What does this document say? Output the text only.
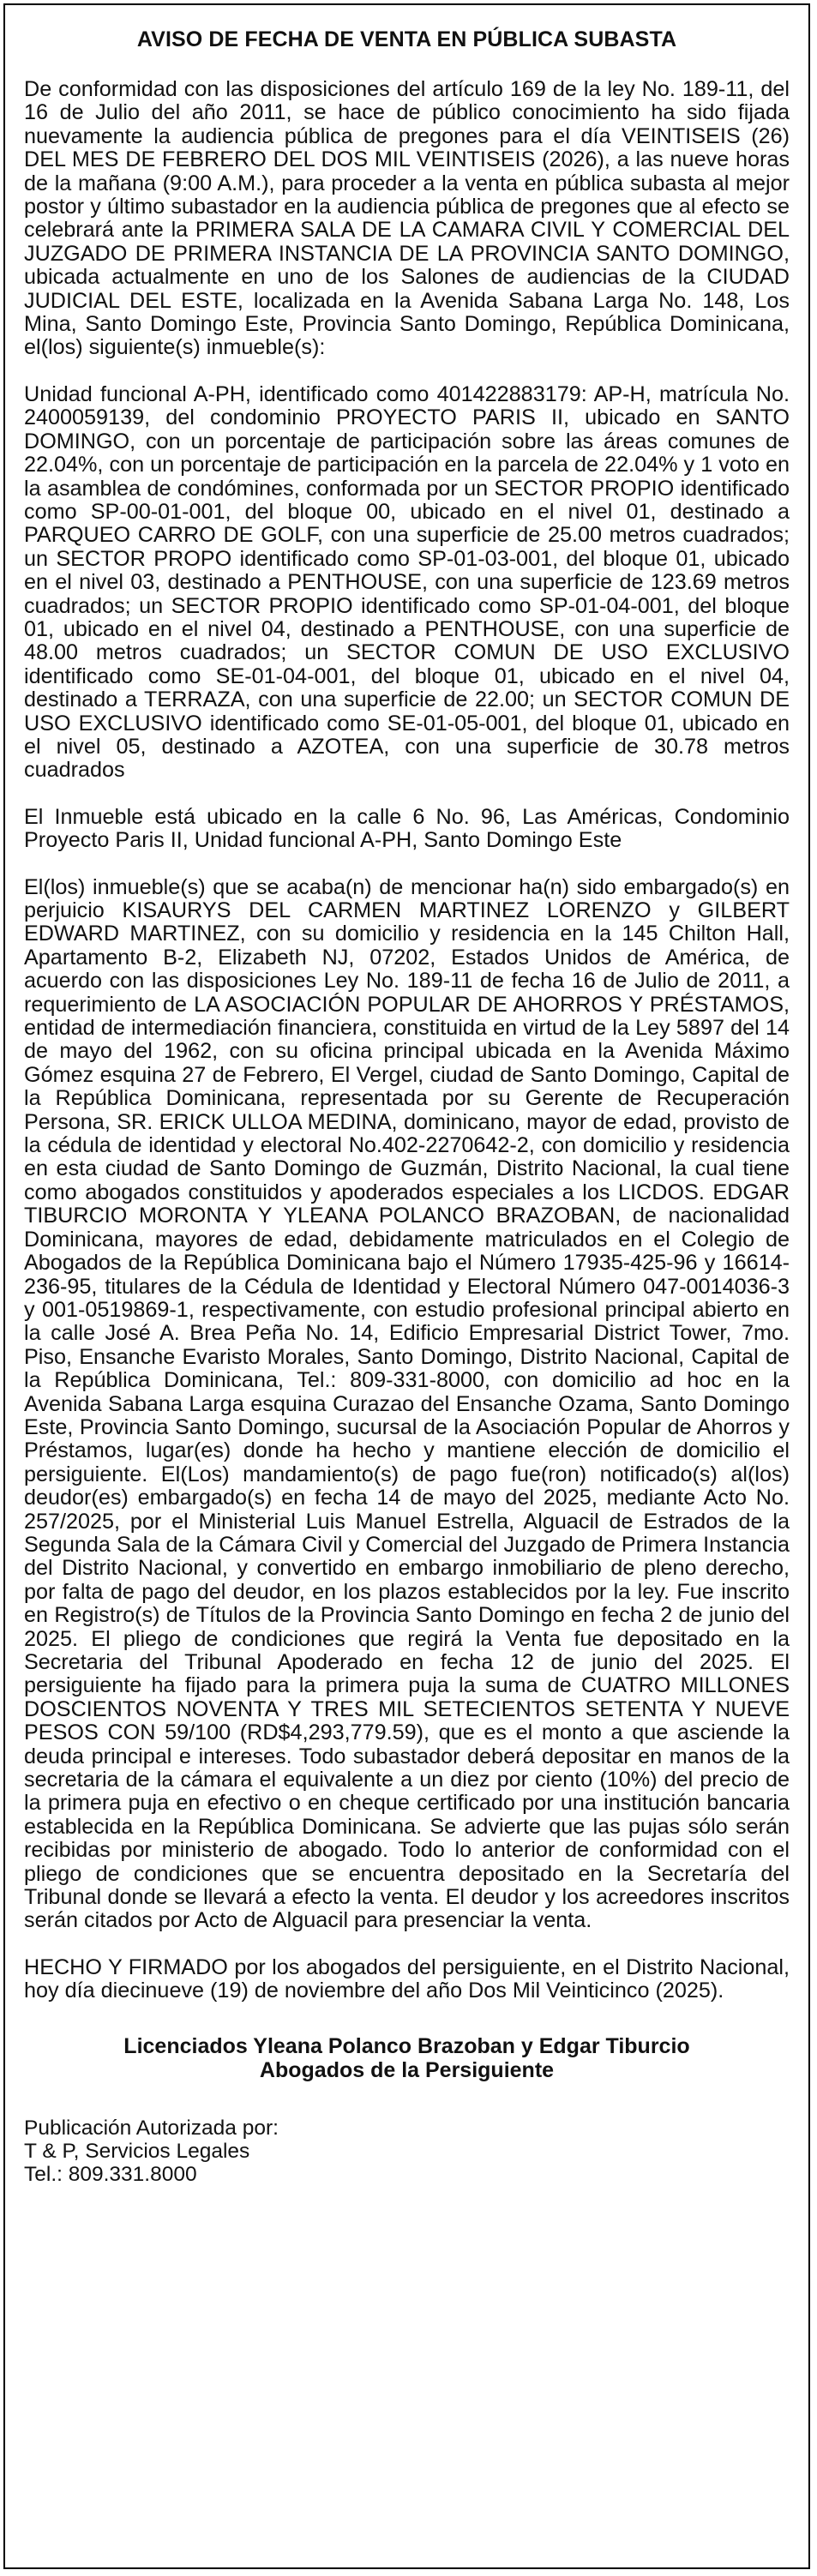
AVISO DE FECHA DE VENTA EN PÚBLICA SUBASTA

De conformidad con las disposiciones del artículo 169 de la ley No. 189-11, del 16 de Julio del año 2011, se hace de público conocimiento ha sido fijada nuevamente la audiencia pública de pregones para el día VEINTISEIS (26) DEL MES DE FEBRERO DEL DOS MIL VEINTISEIS (2026), a las nueve horas de la mañana (9:00 A.M.), para proceder a la venta en pública subasta al mejor postor y último subastador en la audiencia pública de pregones que al efecto se celebrará ante la PRIMERA SALA DE LA CAMARA CIVIL Y COMERCIAL DEL JUZGADO DE PRIMERA INSTANCIA DE LA PROVINCIA SANTO DOMINGO, ubicada actualmente en uno de los Salones de audiencias de la CIUDAD JUDICIAL DEL ESTE, localizada en la Avenida Sabana Larga No. 148, Los Mina, Santo Domingo Este, Provincia Santo Domingo, República Dominicana, el(los) siguiente(s) inmueble(s):

Unidad funcional A-PH, identificado como 401422883179: AP-H, matrícula No. 2400059139, del condominio PROYECTO PARIS II, ubicado en SANTO DOMINGO, con un porcentaje de participación sobre las áreas comunes de 22.04%, con un porcentaje de participación en la parcela de 22.04% y 1 voto en la asamblea de condómines, conformada por un SECTOR PROPIO identificado como SP-00-01-001, del bloque 00, ubicado en el nivel 01, destinado a PARQUEO CARRO DE GOLF, con una superficie de 25.00 metros cuadrados; un SECTOR PROPO identificado como SP-01-03-001, del bloque 01, ubicado en el nivel 03, destinado a PENTHOUSE, con una superficie de 123.69 metros cuadrados; un SECTOR PROPIO identificado como SP-01-04-001, del bloque 01, ubicado en el nivel 04, destinado a PENTHOUSE, con una superficie de 48.00 metros cuadrados; un SECTOR COMUN DE USO EXCLUSIVO identificado como SE-01-04-001, del bloque 01, ubicado en el nivel 04, destinado a TERRAZA, con una superficie de 22.00; un SECTOR COMUN DE USO EXCLUSIVO identificado como SE-01-05-001, del bloque 01, ubicado en el nivel 05, destinado a AZOTEA, con una superficie de 30.78 metros cuadrados

El Inmueble está ubicado en la calle 6 No. 96, Las Américas, Condominio Proyecto Paris II, Unidad funcional A-PH, Santo Domingo Este

El(los) inmueble(s) que se acaba(n) de mencionar ha(n) sido embargado(s) en perjuicio KISAURYS DEL CARMEN MARTINEZ LORENZO y GILBERT EDWARD MARTINEZ, con su domicilio y residencia en la 145 Chilton Hall, Apartamento B-2, Elizabeth NJ, 07202, Estados Unidos de América, de acuerdo con las disposiciones Ley No. 189-11 de fecha 16 de Julio de 2011, a requerimiento de LA ASOCIACIÓN POPULAR DE AHORROS Y PRÉSTAMOS, entidad de intermediación financiera, constituida en virtud de la Ley 5897 del 14 de mayo del 1962, con su oficina principal ubicada en la Avenida Máximo Gómez esquina 27 de Febrero, El Vergel, ciudad de Santo Domingo, Capital de la República Dominicana, representada por su Gerente de Recuperación Persona, SR. ERICK ULLOA MEDINA, dominicano, mayor de edad, provisto de la cédula de identidad y electoral No.402-2270642-2, con domicilio y residencia en esta ciudad de Santo Domingo de Guzmán, Distrito Nacional, la cual tiene como abogados constituidos y apoderados especiales a los LICDOS. EDGAR TIBURCIO MORONTA Y YLEANA POLANCO BRAZOBAN, de nacionalidad Dominicana, mayores de edad, debidamente matriculados en el Colegio de Abogados de la República Dominicana bajo el Número 17935-425-96 y 16614-236-95, titulares de la Cédula de Identidad y Electoral Número 047-0014036-3 y 001-0519869-1, respectivamente, con estudio profesional principal abierto en la calle José A. Brea Peña No. 14, Edificio Empresarial District Tower, 7mo. Piso, Ensanche Evaristo Morales, Santo Domingo, Distrito Nacional, Capital de la República Dominicana, Tel.: 809-331-8000, con domicilio ad hoc en la Avenida Sabana Larga esquina Curazao del Ensanche Ozama, Santo Domingo Este, Provincia Santo Domingo, sucursal de la Asociación Popular de Ahorros y Préstamos, lugar(es) donde ha hecho y mantiene elección de domicilio el persiguiente. El(Los) mandamiento(s) de pago fue(ron) notificado(s) al(los) deudor(es) embargado(s) en fecha 14 de mayo del 2025, mediante Acto No. 257/2025, por el Ministerial Luis Manuel Estrella, Alguacil de Estrados de la Segunda Sala de la Cámara Civil y Comercial del Juzgado de Primera Instancia del Distrito Nacional, y convertido en embargo inmobiliario de pleno derecho, por falta de pago del deudor, en los plazos establecidos por la ley. Fue inscrito en Registro(s) de Títulos de la Provincia Santo Domingo en fecha 2 de junio del 2025. El pliego de condiciones que regirá la Venta fue depositado en la Secretaria del Tribunal Apoderado en fecha 12 de junio del 2025. El persiguiente ha fijado para la primera puja la suma de CUATRO MILLONES DOSCIENTOS NOVENTA Y TRES MIL SETECIENTOS SETENTA Y NUEVE PESOS CON 59/100 (RD$4,293,779.59), que es el monto a que asciende la deuda principal e intereses. Todo subastador deberá depositar en manos de la secretaria de la cámara el equivalente a un diez por ciento (10%) del precio de la primera puja en efectivo o en cheque certificado por una institución bancaria establecida en la República Dominicana. Se advierte que las pujas sólo serán recibidas por ministerio de abogado. Todo lo anterior de conformidad con el pliego de condiciones que se encuentra depositado en la Secretaría del Tribunal donde se llevará a efecto la venta. El deudor y los acreedores inscritos serán citados por Acto de Alguacil para presenciar la venta.

HECHO Y FIRMADO por los abogados del persiguiente, en el Distrito Nacional, hoy día diecinueve (19) de noviembre del año Dos Mil Veinticinco (2025).

Licenciados Yleana Polanco Brazoban y Edgar Tiburcio
Abogados de la Persiguiente
Publicación Autorizada por:
T & P, Servicios Legales
Tel.: 809.331.8000
